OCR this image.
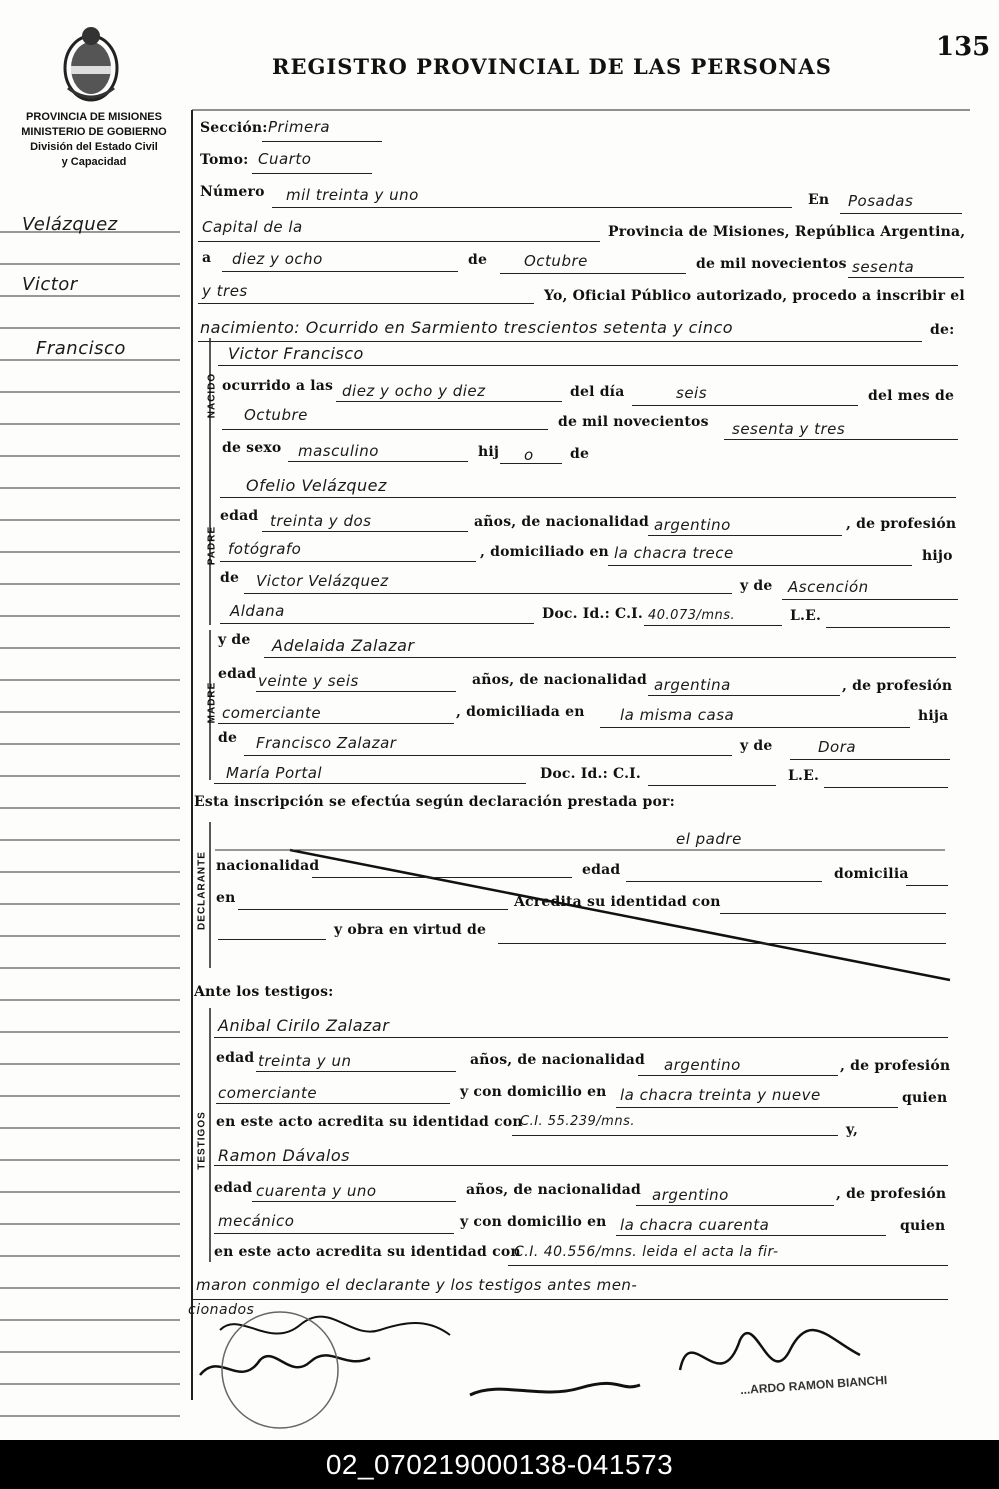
REGISTRO PROVINCIAL DE LAS PERSONAS
135
PROVINCIA DE MISIONES
MINISTERIO DE GOBIERNO
División del Estado Civil
y Capacidad
Velázquez
Victor
Francisco
NACIDO
PADRE
MADRE
DECLARANTE
TESTIGOS
Sección: Primera
Tomo: Cuarto
Número mil treinta y uno	En Posadas
Capital de la	Provincia de Misiones, República Argentina,
a diez y ocho	de Octubre	de mil novecientos sesenta
y tres	Yo, Oficial Público autorizado, procedo a inscribir el
nacimiento: Ocurrido en Sarmiento trescientos setenta y cinco	de:
Victor Francisco
ocurrido a las diez y ocho y diez	del día	seis	del mes de
Octubre	de mil novecientos sesenta y tres
de sexo masculino	hij o	de
Ofelio Velázquez
edad treinta y dos	años, de nacionalidad argentino	, de profesión
fotógrafo	, domiciliado en la chacra trece	hijo
de Victor Velázquez	y de Ascención
Aldana	Doc. Id.: C.I. 40.073/mns.	L.E.
y de Adelaida Zalazar
edad veinte y seis	años, de nacionalidad argentina	, de profesión
comerciante	, domiciliada en la misma casa	hija
de Francisco Zalazar	y de	Dora
María Portal	Doc. Id.: C.I.	L.E.
Esta inscripción se efectúa según declaración prestada por:
el padre
nacionalidad	edad	domicilia
en	Acredita su identidad con
y obra en virtud de
Ante los testigos:
Anibal Cirilo Zalazar
edad treinta y un	años, de nacionalidad argentino	, de profesión
comerciante	y con domicilio en la chacra treinta y nueve	quien
en este acto acredita su identidad con
C.I. 55.239/mns.
y,
Ramon Dávalos
edad cuarenta y uno	años, de nacionalidad argentino	, de profesión
mecánico	y con domicilio en la chacra cuarenta	quien
en este acto acredita su identidad con
C.I. 40.556/mns. leida el acta la fir-
maron conmigo el declarante y los testigos antes men-
cionados
...ARDO RAMON BIANCHI
02_070219000138-041573
